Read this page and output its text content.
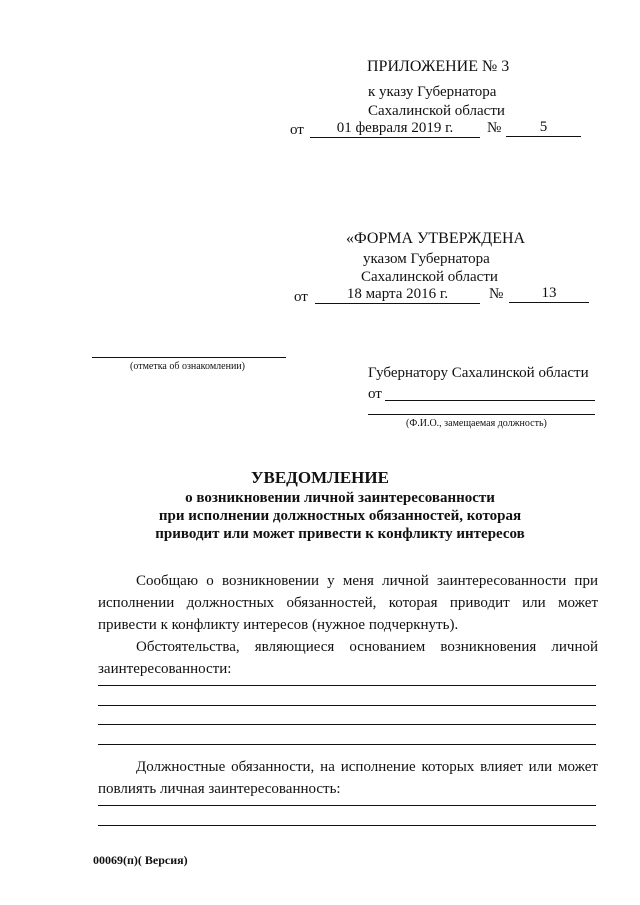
ПРИЛОЖЕНИЕ № 3
к указу Губернатора
Сахалинской области
от	01 февраля 2019 г.	№	5
«ФОРМА УТВЕРЖДЕНА
указом Губернатора
Сахалинской области
от	18 марта 2016 г.	№	13
(отметка об ознакомлении)	Губернатору Сахалинской области
от
(Ф.И.О., замещаемая должность)
УВЕДОМЛЕНИЕ
о возникновении личной заинтересованности
при исполнении должностных обязанностей, которая
приводит или может привести к конфликту интересов
Сообщаю о возникновении у меня личной заинтересованности при исполнении должностных обязанностей, которая приводит или может привести к конфликту интересов (нужное подчеркнуть).
Обстоятельства, являющиеся основанием возникновения личной заинтересованности:
Должностные обязанности, на исполнение которых влияет или может повлиять личная заинтересованность:
00069(п)( Версия)
